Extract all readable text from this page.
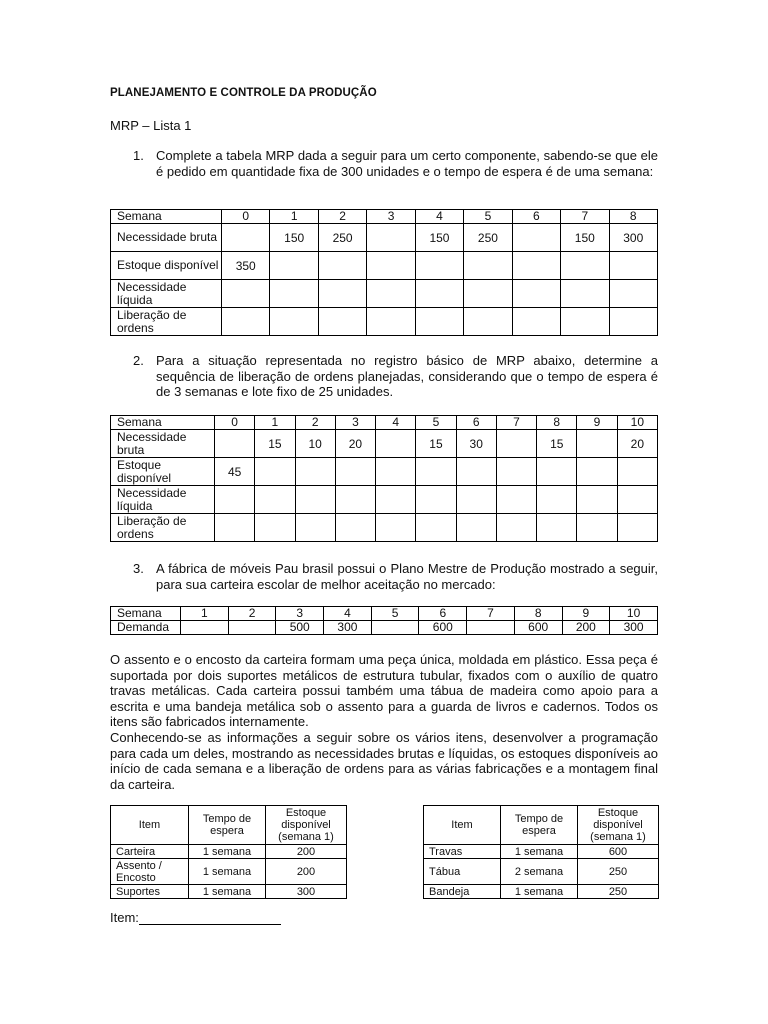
PLANEJAMENTO E CONTROLE DA PRODUÇÃO
MRP – Lista 1
1. Complete a tabela MRP dada a seguir para um certo componente, sabendo-se que ele é pedido em quantidade fixa de 300 unidades e o tempo de espera é de uma semana:
Semana	0	1	2	3	4	5	6	7	8
Necessidade bruta		150	250		150	250		150	300
Estoque disponível	350								
Necessidade líquida									
Liberação de ordens									
2. Para a situação representada no registro básico de MRP abaixo, determine a sequência de liberação de ordens planejadas, considerando que o tempo de espera é de 3 semanas e lote fixo de 25 unidades.
Semana	0	1	2	3	4	5	6	7	8	9	10
Necessidade bruta		15	10	20		15	30		15		20
Estoque disponível	45										
Necessidade líquida											
Liberação de ordens											
3. A fábrica de móveis Pau brasil possui o Plano Mestre de Produção mostrado a seguir, para sua carteira escolar de melhor aceitação no mercado:
Semana	1	2	3	4	5	6	7	8	9	10
Demanda			500	300		600		600	200	300
O assento e o encosto da carteira formam uma peça única, moldada em plástico. Essa peça é suportada por dois suportes metálicos de estrutura tubular, fixados com o auxílio de quatro travas metálicas. Cada carteira possui também uma tábua de madeira como apoio para a escrita e uma bandeja metálica sob o assento para a guarda de livros e cadernos. Todos os itens são fabricados internamente.
Conhecendo-se as informações a seguir sobre os vários itens, desenvolver a programação para cada um deles, mostrando as necessidades brutas e líquidas, os estoques disponíveis ao início de cada semana e a liberação de ordens para as várias fabricações e a montagem final da carteira.
Item	Tempo de espera	Estoque disponível (semana 1)
Carteira	1 semana	200
Assento / Encosto	1 semana	200
Suportes	1 semana	300
Item	Tempo de espera	Estoque disponível (semana 1)
Travas	1 semana	600
Tábua	2 semana	250
Bandeja	1 semana	250
Item:
